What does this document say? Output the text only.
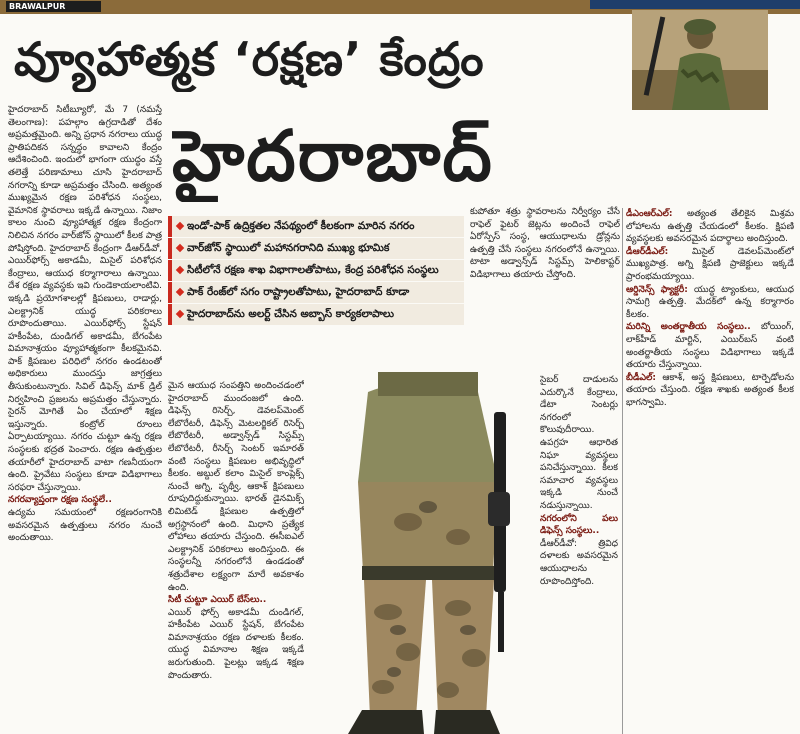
BRAWALPUR
వ్యూహాత్మక ‘రక్షణ’ కేంద్రం
హైదరాబాద్
హైదరాబాద్ సిటీబ్యూరో, మే 7 (నమస్తే తెలంగాణ): పహల్గాం ఉగ్రదాడితో దేశం అప్రమత్తమైంది. అన్ని ప్రధాన నగరాలు యుద్ధ ప్రాతిపదికన సన్నద్ధం కావాలని కేంద్రం ఆదేశించింది. ఇందులో భాగంగా యుద్ధం వస్తే తలెత్తే పరిణామాలు చూసి హైదరాబాద్ నగరాన్ని కూడా అప్రమత్తం చేసింది. అత్యంత ముఖ్యమైన రక్షణ పరిశోధన సంస్థలు, వైమానిక స్థావరాలు ఇక్కడే ఉన్నాయి. నిజాం కాలం నుంచి వ్యూహాత్మక రక్షణ కేంద్రంగా నిలిచిన నగరం వార్‌జోన్ స్థాయిలో కీలక పాత్ర పోషిస్తోంది. హైదరాబాద్ కేంద్రంగా డీఆర్‌డీవో, ఎయిర్‌ఫోర్స్ అకాడమీ, మిసైల్ పరిశోధన కేంద్రాలు, ఆయుధ కర్మాగారాలు ఉన్నాయి. దేశ రక్షణ వ్యవస్థకు ఇవి గుండెకాయలాంటివి. ఇక్కడి ప్రయోగశాలల్లో క్షిపణులు, రాడార్లు, ఎలక్ట్రానిక్ యుద్ధ పరికరాలు రూపొందుతాయి. ఎయిర్‌ఫోర్స్ స్టేషన్ హకీంపేట, దుండిగల్ అకాడమీ, బేగంపేట విమానాశ్రయం వ్యూహాత్మకంగా కీలకమైనవి. పాక్ క్షిపణుల పరిధిలో నగరం ఉండటంతో అధికారులు ముందస్తు జాగ్రత్తలు తీసుకుంటున్నారు. సివిల్ డిఫెన్స్ మాక్ డ్రిల్ నిర్వహించి ప్రజలను అప్రమత్తం చేస్తున్నారు. సైరన్ మోగితే ఏం చేయాలో శిక్షణ ఇస్తున్నారు. కంట్రోల్ రూంలు ఏర్పాటయ్యాయి. నగరం చుట్టూ ఉన్న రక్షణ సంస్థలకు భద్రత పెంచారు. రక్షణ ఉత్పత్తుల తయారీలో హైదరాబాద్ వాటా గణనీయంగా ఉంది. ప్రైవేటు సంస్థలు కూడా విడిభాగాలు సరఫరా చేస్తున్నాయి.
నగరవ్యాప్తంగా రక్షణ సంస్థలే..
ఉద్యమ సమయంలో రక్షణరంగానికి అవసరమైన ఉత్పత్తులు నగరం నుంచే అందుతాయి.
ఇండో-పాక్ ఉద్రిక్తతల నేపథ్యంలో కీలకంగా మారిన నగరం
వార్‌జోన్ స్థాయిలో మహానగరానిది ముఖ్య భూమిక
సిటీలోనే రక్షణ శాఖ విభాగాలతోపాటు, కేంద్ర పరిశోధన సంస్థలు
పాక్ రేంజ్‌లో సగం రాష్ట్రాలతోపాటు, హైదరాబాద్ కూడా
హైదరాబాద్‌ను అలర్ట్ చేసిన అబ్బాస్ కార్యకలాపాలు
మైన ఆయుధ సంపత్తిని అందించడంలో హైదరాబాద్ ముందంజలో ఉంది. డిఫెన్స్ రిసెర్చ్, డెవలప్‌మెంట్ లేబొరేటరీ, డిఫెన్స్ మెటలర్జికల్ రిసెర్చ్ లేబొరేటరీ, అడ్వాన్స్‌డ్ సిస్టమ్స్ లేబొరేటరీ, రీసెర్చ్ సెంటర్ ఇమారత్ వంటి సంస్థలు క్షిపణుల అభివృద్ధిలో కీలకం. అబ్దుల్ కలాం మిసైల్ కాంప్లెక్స్ నుంచే అగ్ని, పృథ్వీ, ఆకాశ్ క్షిపణులు రూపుదిద్దుకున్నాయి. భారత్ డైనమిక్స్ లిమిటెడ్ క్షిపణుల ఉత్పత్తిలో అగ్రస్థానంలో ఉంది. మిధాని ప్రత్యేక లోహాలు తయారు చేస్తుంది. ఈసీఐఎల్ ఎలక్ట్రానిక్ పరికరాలు అందిస్తుంది. ఈ సంస్థలన్నీ నగరంలోనే ఉండడంతో శత్రుదేశాల లక్ష్యంగా మారే అవకాశం ఉంది.
సిటీ చుట్టూ ఎయిర్ బేస్‌లు..
ఎయిర్ ఫోర్స్ అకాడమీ దుండిగల్, హకీంపేట ఎయిర్ స్టేషన్, బేగంపేట విమానాశ్రయం రక్షణ దళాలకు కీలకం. యుద్ధ విమానాల శిక్షణ ఇక్కడే జరుగుతుంది. పైలట్లు ఇక్కడ శిక్షణ పొందుతారు.
కుపోతూ శత్రు స్థావరాలను నిర్వీర్యం చేసే రాఫెల్ ఫైటర్ జెట్లను అందించే రాఫెల్ ఏరోస్పేస్ సంస్థ, ఆయుధాలను డ్రోన్లను ఉత్పత్తి చేసే సంస్థలు నగరంలోనే ఉన్నాయి. టాటా అడ్వాన్స్‌డ్ సిస్టమ్స్ హెలికాప్టర్ విడిభాగాలు తయారు చేస్తోంది.
సైబర్ దాడులను ఎదుర్కొనే కేంద్రాలు, డేటా సెంటర్లు నగరంలో కొలువుదీరాయి. ఉపగ్రహ ఆధారిత నిఘా వ్యవస్థలు పనిచేస్తున్నాయి. కీలక సమాచార వ్యవస్థలు ఇక్కడి నుంచే నడుస్తున్నాయి.
నగరంలోని పలు డిఫెన్స్ సంస్థలు..
డీఆర్‌డీవో: త్రివిధ దళాలకు అవసరమైన ఆయుధాలను రూపొందిస్తోంది.
డీఎంఆర్‌ఎల్: అత్యంత తేలికైన మిశ్రమ లోహాలను ఉత్పత్తి చేయడంలో కీలకం. క్షిపణి వ్యవస్థలకు అవసరమైన పదార్థాలు అందిస్తుంది.
డీఆర్‌డీఎల్:	మిసైల్ డెవలప్‌మెంట్‌లో ముఖ్యపాత్ర. అగ్ని క్షిపణి ప్రాజెక్టులు ఇక్కడే ప్రారంభమయ్యాయి.
ఆర్డినెన్స్ ఫ్యాక్టరీ: యుద్ధ ట్యాంకులు, ఆయుధ సామగ్రి ఉత్పత్తి. మేదక్‌లో ఉన్న కర్మాగారం కీలకం.
మరిన్ని అంతర్జాతీయ సంస్థలు.. బోయింగ్, లాక్‌హీడ్ మార్టిన్, ఎయిర్‌బస్ వంటి అంతర్జాతీయ సంస్థలు విడిభాగాలు ఇక్కడే తయారు చేస్తున్నాయి.
బీడీఎల్: ఆకాశ్, అస్త్ర క్షిపణులు, టార్పెడోలను తయారు చేస్తుంది. రక్షణ శాఖకు అత్యంత కీలక భాగస్వామి.
